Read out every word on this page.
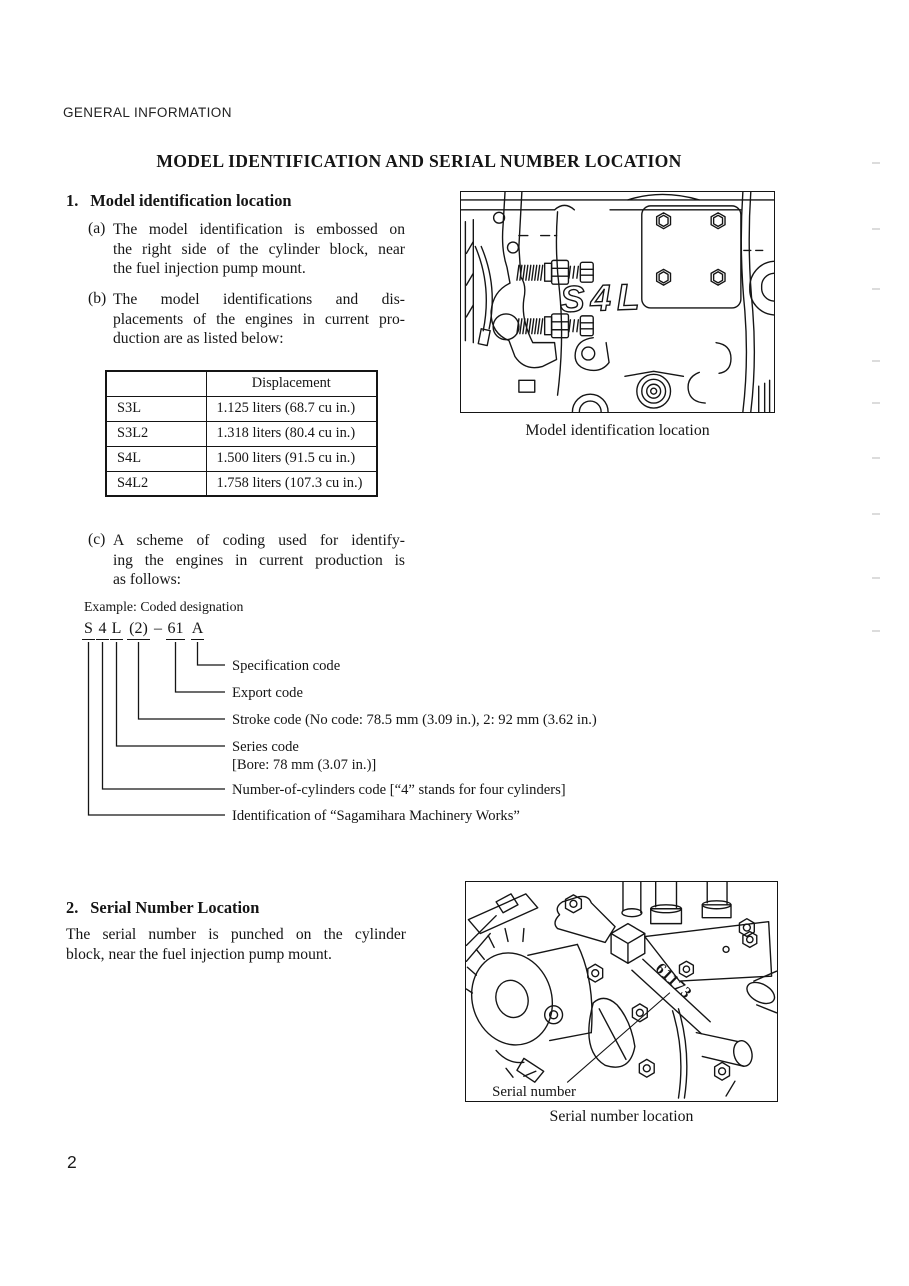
GENERAL INFORMATION
MODEL IDENTIFICATION AND SERIAL NUMBER LOCATION
1. Model identification location
(a) The model identification is embossed on
the right side of the cylinder block, near
the fuel injection pump mount.
(b) The model identifications and dis-
placements of the engines in current pro-
duction are as listed below:
	Displacement
S3L	1.125 liters (68.7 cu in.)
S3L2	1.318 liters (80.4 cu in.)
S4L	1.500 liters (91.5 cu in.)
S4L2	1.758 liters (107.3 cu in.)
S4L
Model identification location
(c) A scheme of coding used for identify-
ing the engines in current production is
as follows:
Example: Coded designation
S 4 L (2) – 61 A
Specification code
Export code
Stroke code (No code: 78.5 mm (3.09 in.), 2: 92 mm (3.62 in.)
Series code
[Bore: 78 mm (3.07 in.)]
Number-of-cylinders code [“4” stands for four cylinders]
Identification of “Sagamihara Machinery Works”
2. Serial Number Location
The serial number is punched on the cylinder
block, near the fuel injection pump mount.
61173
Serial number
Serial number location
2
